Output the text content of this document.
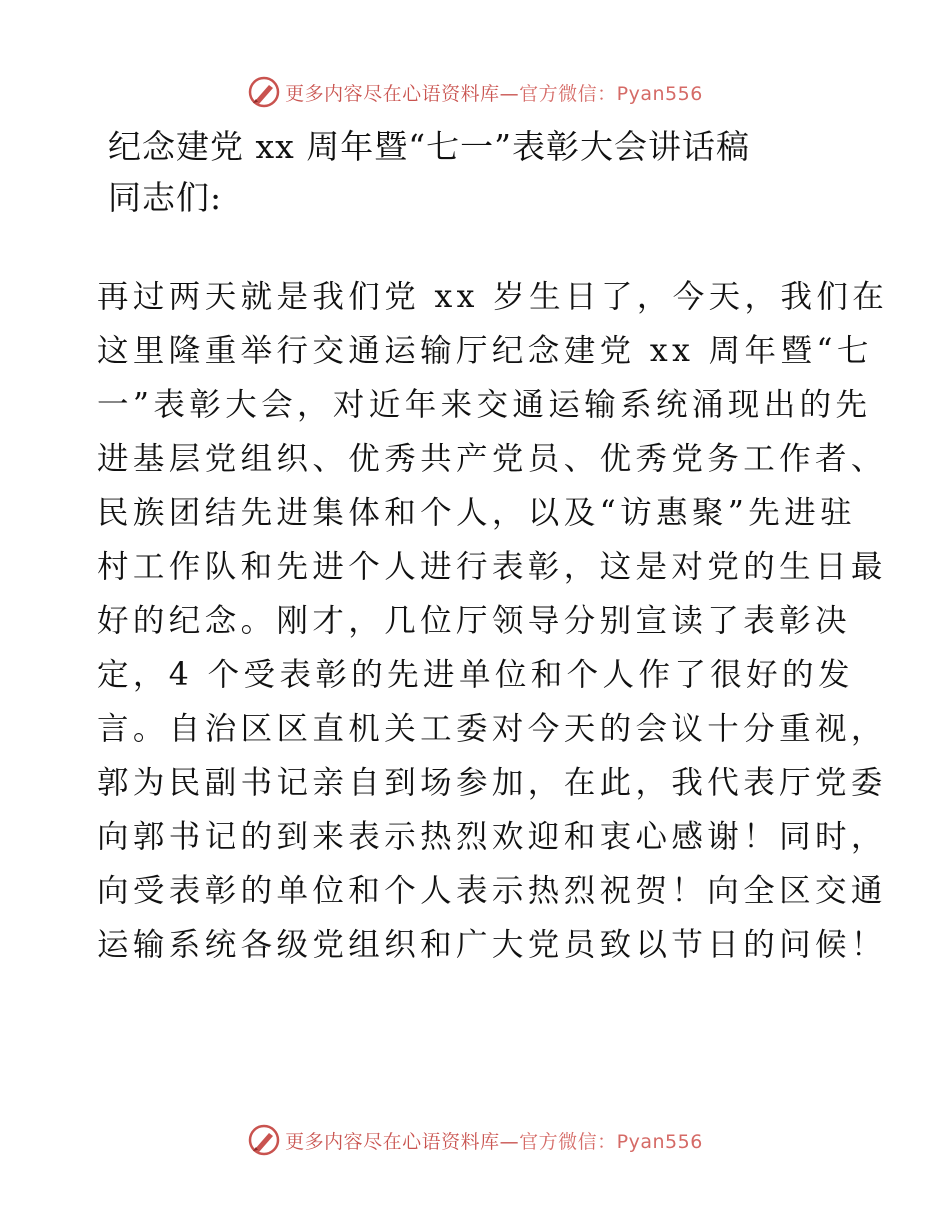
更多内容尽在心语资料库—官方微信：Pyan556
纪念建党 xx 周年暨“七一”表彰大会讲话稿

同志们:

再过两天就是我们党 xx 岁生日了，今天，我们在
这里隆重举行交通运输厅纪念建党 xx 周年暨“七
一”表彰大会，对近年来交通运输系统涌现出的先
进基层党组织、优秀共产党员、优秀党务工作者、
民族团结先进集体和个人，以及“访惠聚”先进驻
村工作队和先进个人进行表彰，这是对党的生日最
好的纪念。刚才，几位厅领导分别宣读了表彰决
定，4 个受表彰的先进单位和个人作了很好的发
言。自治区区直机关工委对今天的会议十分重视，
郭为民副书记亲自到场参加，在此，我代表厅党委
向郭书记的到来表示热烈欢迎和衷心感谢！同时，
向受表彰的单位和个人表示热烈祝贺！向全区交通
运输系统各级党组织和广大党员致以节日的问候！
更多内容尽在心语资料库—官方微信：Pyan556
